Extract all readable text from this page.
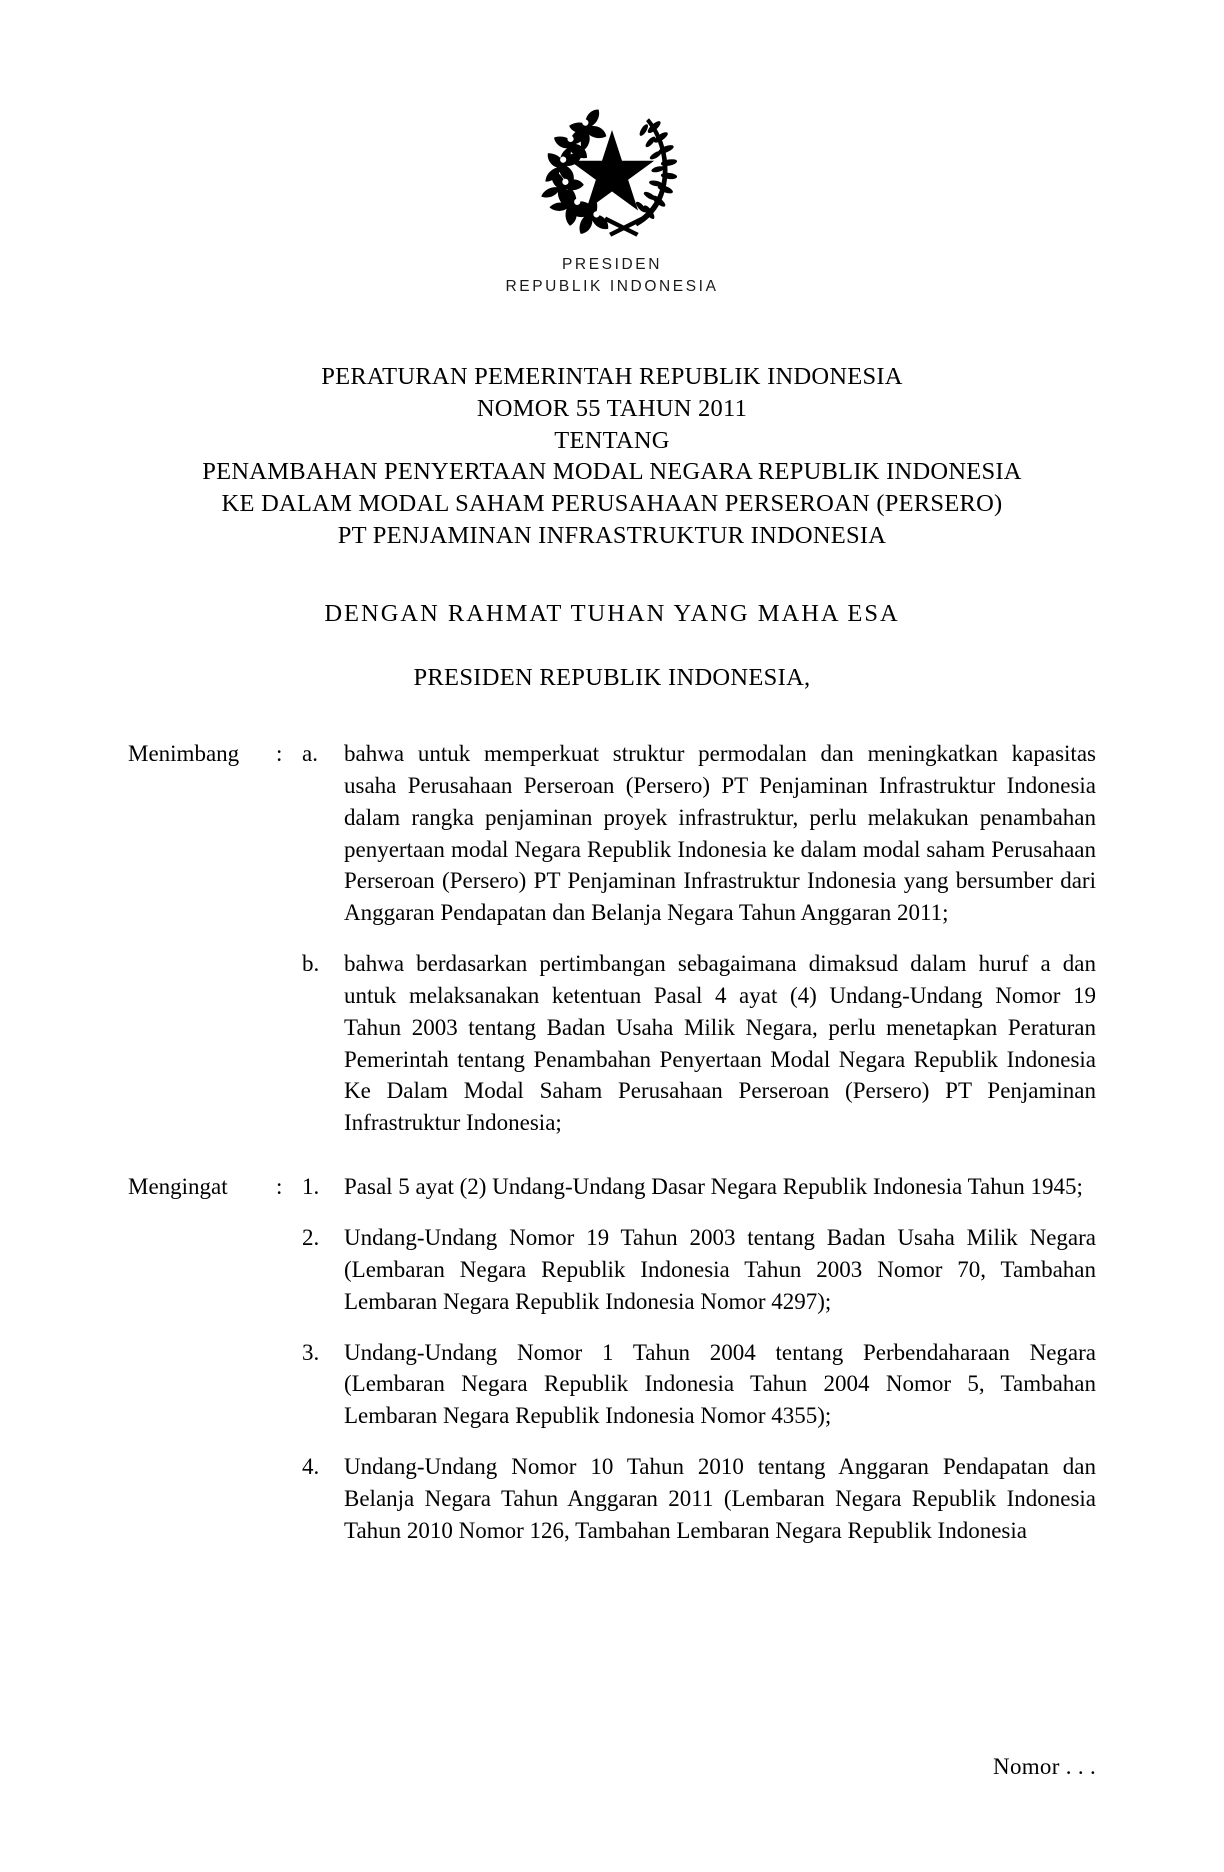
PRESIDEN
REPUBLIK INDONESIA
PERATURAN PEMERINTAH REPUBLIK INDONESIA
NOMOR 55 TAHUN 2011
TENTANG
PENAMBAHAN PENYERTAAN MODAL NEGARA REPUBLIK INDONESIA
KE DALAM MODAL SAHAM PERUSAHAAN PERSEROAN (PERSERO)
PT PENJAMINAN INFRASTRUKTUR INDONESIA
DENGAN RAHMAT TUHAN YANG MAHA ESA
PRESIDEN REPUBLIK INDONESIA,
Menimbang	: a.	bahwa untuk memperkuat struktur permodalan dan meningkatkan kapasitas usaha Perusahaan Perseroan (Persero) PT Penjaminan Infrastruktur Indonesia dalam rangka penjaminan proyek infrastruktur, perlu melakukan penambahan penyertaan modal Negara Republik Indonesia ke dalam modal saham Perusahaan Perseroan (Persero) PT Penjaminan Infrastruktur Indonesia yang bersumber dari Anggaran Pendapatan dan Belanja Negara Tahun Anggaran 2011;
b.	bahwa berdasarkan pertimbangan sebagaimana dimaksud dalam huruf a dan untuk melaksanakan ketentuan Pasal 4 ayat (4) Undang-Undang Nomor 19 Tahun 2003 tentang Badan Usaha Milik Negara, perlu menetapkan Peraturan Pemerintah tentang Penambahan Penyertaan Modal Negara Republik Indonesia Ke Dalam Modal Saham Perusahaan Perseroan (Persero) PT Penjaminan Infrastruktur Indonesia;
Mengingat	: 1.	Pasal 5 ayat (2) Undang-Undang Dasar Negara Republik Indonesia Tahun 1945;
2.	Undang-Undang Nomor 19 Tahun 2003 tentang Badan Usaha Milik Negara (Lembaran Negara Republik Indonesia Tahun 2003 Nomor 70, Tambahan Lembaran Negara Republik Indonesia Nomor 4297);
3.	Undang-Undang Nomor 1 Tahun 2004 tentang Perbendaharaan Negara (Lembaran Negara Republik Indonesia Tahun 2004 Nomor 5, Tambahan Lembaran Negara Republik Indonesia Nomor 4355);
4.	Undang-Undang Nomor 10 Tahun 2010 tentang Anggaran Pendapatan dan Belanja Negara Tahun Anggaran 2011 (Lembaran Negara Republik Indonesia Tahun 2010 Nomor 126, Tambahan Lembaran Negara Republik Indonesia
Nomor . . .
